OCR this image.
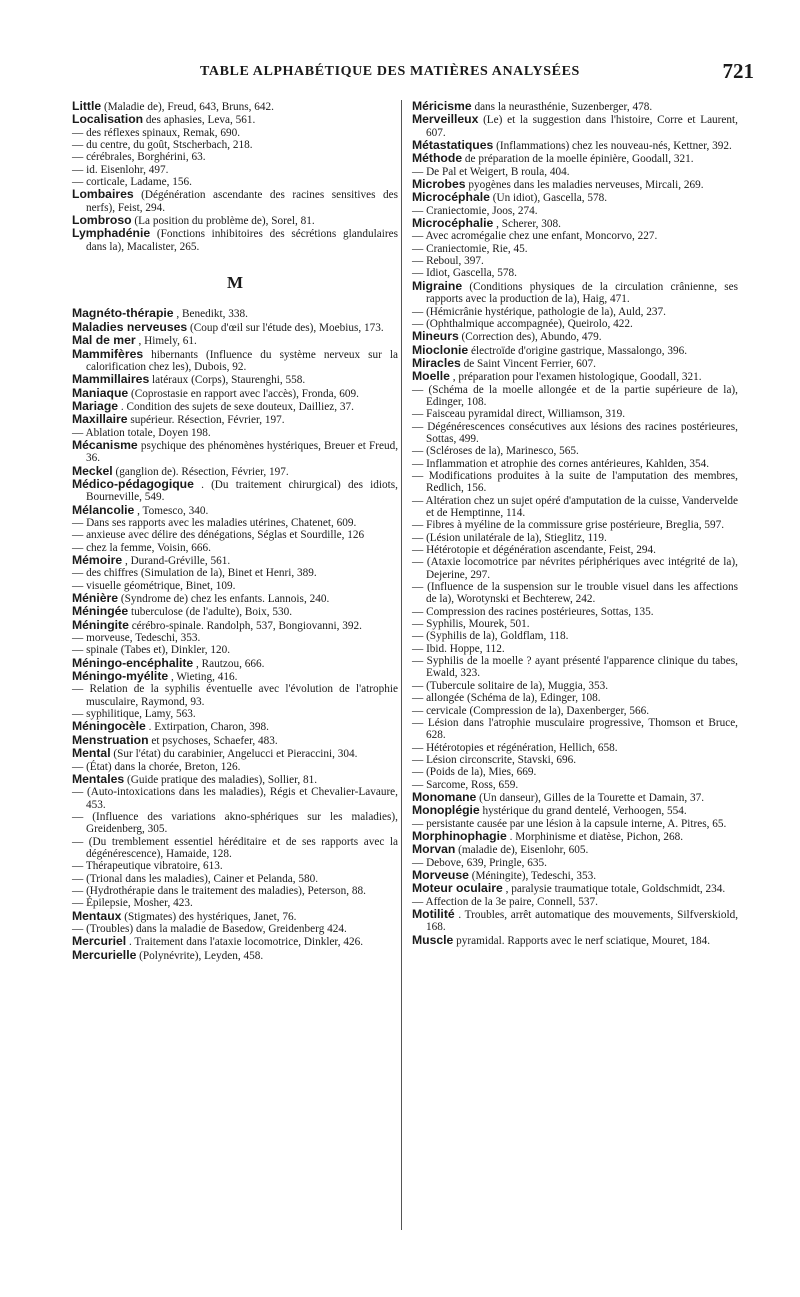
TABLE ALPHABÉTIQUE DES MATIÈRES ANALYSÉES	721

Little (Maladie de), Freud, 643, Bruns, 642.

Localisation des aphasies, Leva, 561.

— des réflexes spinaux, Remak, 690.

— du centre, du goût, Stscherbach, 218.

— cérébrales, Borghérini, 63.

— id. Eisenlohr, 497.

— corticale, Ladame, 156.

Lombaires (Dégénération ascendante des racines sensitives des nerfs), Feist, 294.

Lombroso (La position du problème de), Sorel, 81.

Lymphadénie (Fonctions inhibitoires des sécrétions glandulaires dans la), Macalister, 265.

M

Magnéto-thérapie , Benedikt, 338.

Maladies nerveuses (Coup d'œil sur l'étude des), Moebius, 173.

Mal de mer , Himely, 61.

Mammifères hibernants (Influence du système nerveux sur la calorification chez les), Dubois, 92.

Mammillaires latéraux (Corps), Staurenghi, 558.

Maniaque (Coprostasie en rapport avec l'accès), Fronda, 609.

Mariage . Condition des sujets de sexe douteux, Dailliez, 37.

Maxillaire supérieur. Résection, Février, 197.

— Ablation totale, Doyen 198.

Mécanisme psychique des phénomènes hystériques, Breuer et Freud, 36.

Meckel (ganglion de). Résection, Février, 197.

Médico-pédagogique . (Du traitement chirurgical) des idiots, Bourneville, 549.

Mélancolie , Tomesco, 340.

— Dans ses rapports avec les maladies utérines, Chatenet, 609.

— anxieuse avec délire des dénégations, Séglas et Sourdille, 126

— chez la femme, Voisin, 666.

Mémoire , Durand-Gréville, 561.

— des chiffres (Simulation de la), Binet et Henri, 389.

— visuelle géométrique, Binet, 109.

Ménière (Syndrome de) chez les enfants. Lannois, 240.

Méningée tuberculose (de l'adulte), Boix, 530.

Méningite cérébro-spinale. Randolph, 537, Bongiovanni, 392.

— morveuse, Tedeschi, 353.

— spinale (Tabes et), Dinkler, 120.

Méningo-encéphalite , Rautzou, 666.

Méningo-myélite , Wieting, 416.

— Relation de la syphilis éventuelle avec l'évolution de l'atrophie musculaire, Raymond, 93.

— syphilitique, Lamy, 563.

Méningocèle . Extirpation, Charon, 398.

Menstruation et psychoses, Schaefer, 483.

Mental (Sur l'état) du carabinier, Angelucci et Pieraccini, 304.

— (État) dans la chorée, Breton, 126.

Mentales (Guide pratique des maladies), Sollier, 81.

— (Auto-intoxications dans les maladies), Régis et Chevalier-Lavaure, 453.

— (Influence des variations akno-sphériques sur les maladies), Greidenberg, 305.

— (Du tremblement essentiel héréditaire et de ses rapports avec la dégénérescence), Hamaide, 128.

— Thérapeutique vibratoire, 613.

— (Trional dans les maladies), Cainer et Pelanda, 580.

— (Hydrothérapie dans le traitement des maladies), Peterson, 88.

— Épilepsie, Mosher, 423.

Mentaux (Stigmates) des hystériques, Janet, 76.

— (Troubles) dans la maladie de Basedow, Greidenberg 424.

Mercuriel . Traitement dans l'ataxie locomotrice, Dinkler, 426.

Mercurielle (Polynévrite), Leyden, 458.

Méricisme dans la neurasthénie, Suzenberger, 478.

Merveilleux (Le) et la suggestion dans l'histoire, Corre et Laurent, 607.

Métastatiques (Inflammations) chez les nouveau-nés, Kettner, 392.

Méthode de préparation de la moelle épinière, Goodall, 321.

— De Pal et Weigert, B roula, 404.

Microbes pyogènes dans les maladies nerveuses, Mircali, 269.

Microcéphale (Un idiot), Gascella, 578.

— Craniectomie, Joos, 274.

Microcéphalie , Scherer, 308.

— Avec acromégalie chez une enfant, Moncorvo, 227.

— Craniectomie, Rie, 45.

— Reboul, 397.

— Idiot, Gascella, 578.

Migraine (Conditions physiques de la circulation crânienne, ses rapports avec la production de la), Haig, 471.

— (Hémicrânie hystérique, pathologie de la), Auld, 237.

— (Ophthalmique accompagnée), Queirolo, 422.

Mineurs (Correction des), Abundo, 479.

Mioclonie électroïde d'origine gastrique, Massalongo, 396.

Miracles de Saint Vincent Ferrier, 607.

Moelle , préparation pour l'examen histologique, Goodall, 321.

— (Schéma de la moelle allongée et de la partie supérieure de la), Edinger, 108.

— Faisceau pyramidal direct, Williamson, 319.

— Dégénérescences consécutives aux lésions des racines postérieures, Sottas, 499.

— (Scléroses de la), Marinesco, 565.

— Inflammation et atrophie des cornes antérieures, Kahlden, 354.

— Modifications produites à la suite de l'amputation des membres, Redlich, 156.

— Altération chez un sujet opéré d'amputation de la cuisse, Vandervelde et de Hemptinne, 114.

— Fibres à myéline de la commissure grise postérieure, Breglia, 597.

— (Lésion unilatérale de la), Stieglitz, 119.

— Hétérotopie et dégénération ascendante, Feist, 294.

— (Ataxie locomotrice par névrites périphériques avec intégrité de la), Dejerine, 297.

— (Influence de la suspension sur le trouble visuel dans les affections de la), Worotynski et Bechterew, 242.

— Compression des racines postérieures, Sottas, 135.

— Syphilis, Mourek, 501.

— (Syphilis de la), Goldflam, 118.

— Ibid. Hoppe, 112.

— Syphilis de la moelle ? ayant présenté l'apparence clinique du tabes, Ewald, 323.

— (Tubercule solitaire de la), Muggia, 353.

— allongée (Schéma de la), Edinger, 108.

— cervicale (Compression de la), Daxenberger, 566.

— Lésion dans l'atrophie musculaire progressive, Thomson et Bruce, 628.

— Hétérotopies et régénération, Hellich, 658.

— Lésion circonscrite, Stavski, 696.

— (Poids de la), Mies, 669.

— Sarcome, Ross, 659.

Monomane (Un danseur), Gilles de la Tourette et Damain, 37.

Monoplégie hystérique du grand dentelé, Verhoogen, 554.

— persistante causée par une lésion à la capsule interne, A. Pitres, 65.

Morphinophagie . Morphinisme et diatèse, Pichon, 268.

Morvan (maladie de), Eisenlohr, 605.

— Debove, 639, Pringle, 635.

Morveuse (Méningite), Tedeschi, 353.

Moteur oculaire , paralysie traumatique totale, Goldschmidt, 234.

— Affection de la 3e paire, Connell, 537.

Motilité . Troubles, arrêt automatique des mouvements, Silfverskiold, 168.

Muscle pyramidal. Rapports avec le nerf sciatique, Mouret, 184.
